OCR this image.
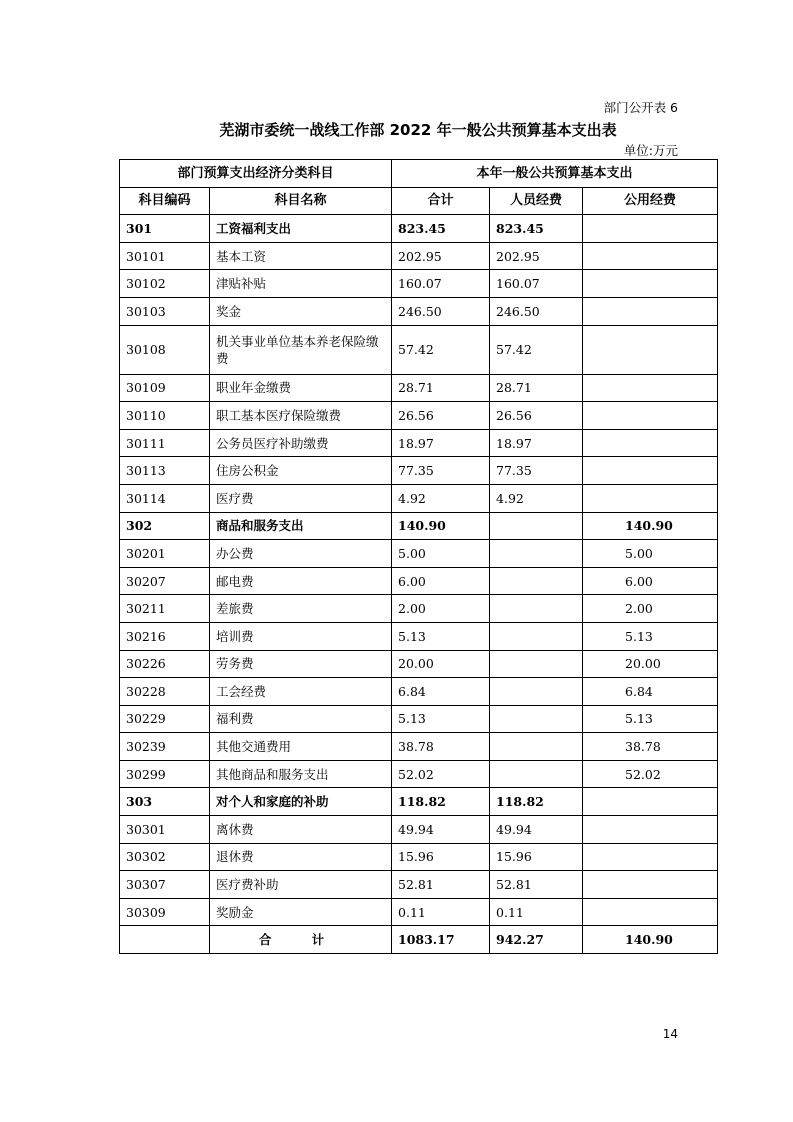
部门公开表 6
芜湖市委统一战线工作部 2022 年一般公共预算基本支出表
单位:万元
部门预算支出经济分类科目		本年一般公共预算基本支出		
科目编码	科目名称	合计	人员经费	公用经费
301	工资福利支出	823.45	823.45	
30101	基本工资	202.95	202.95	
30102	津贴补贴	160.07	160.07	
30103	奖金	246.50	246.50	
30108	机关事业单位基本养老保险缴费	57.42	57.42	
30109	职业年金缴费	28.71	28.71	
30110	职工基本医疗保险缴费	26.56	26.56	
30111	公务员医疗补助缴费	18.97	18.97	
30113	住房公积金	77.35	77.35	
30114	医疗费	4.92	4.92	
302	商品和服务支出	140.90		140.90
30201	办公费	5.00		5.00
30207	邮电费	6.00		6.00
30211	差旅费	2.00		2.00
30216	培训费	5.13		5.13
30226	劳务费	20.00		20.00
30228	工会经费	6.84		6.84
30229	福利费	5.13		5.13
30239	其他交通费用	38.78		38.78
30299	其他商品和服务支出	52.02		52.02
303	对个人和家庭的补助	118.82	118.82	
30301	离休费	49.94	49.94	
30302	退休费	15.96	15.96	
30307	医疗费补助	52.81	52.81	
30309	奖励金	0.11	0.11	
	合 计	1083.17	942.27	140.90
14
